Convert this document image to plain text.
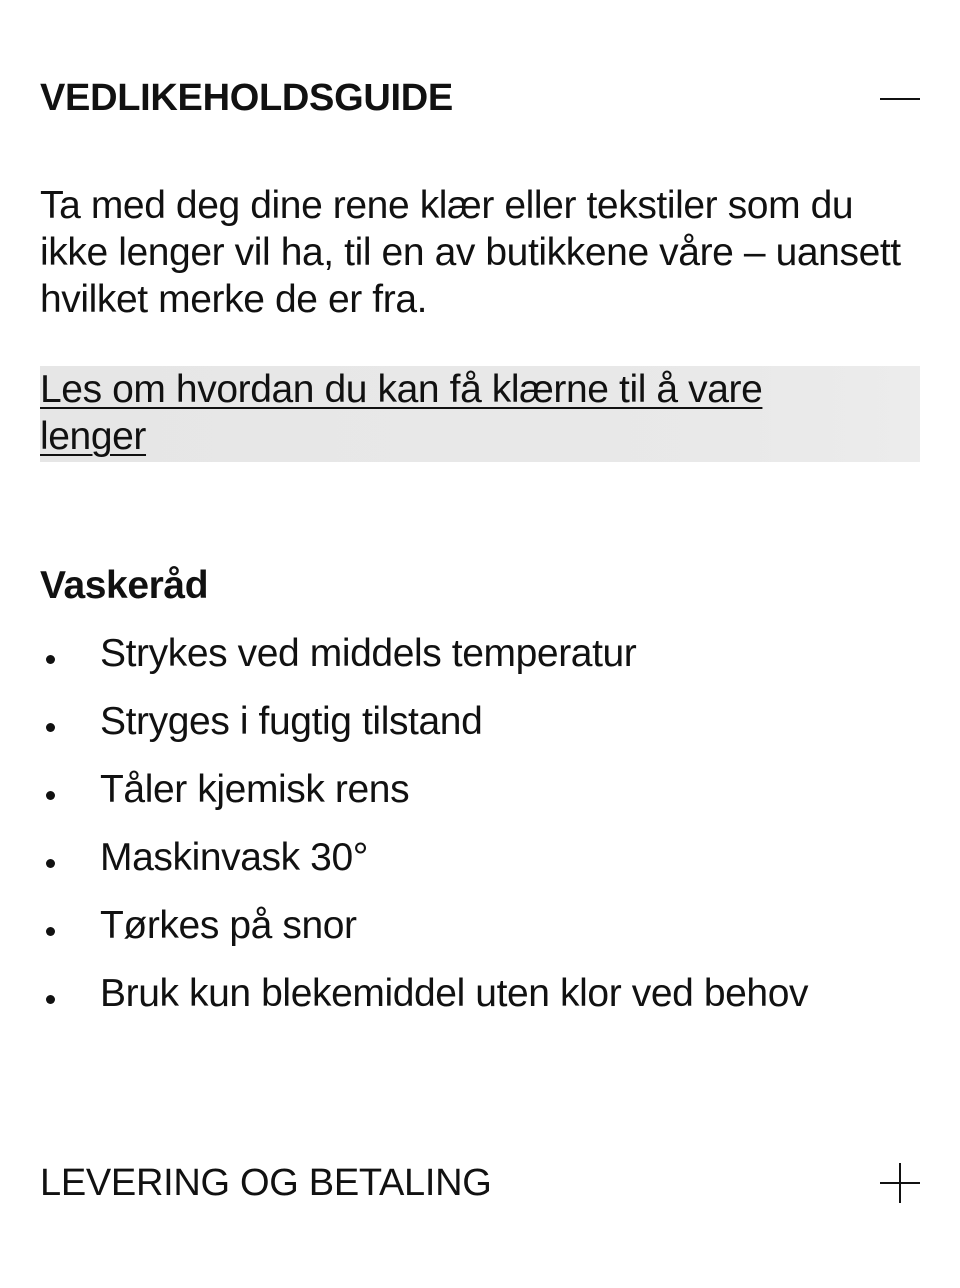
VEDLIKEHOLDSGUIDE

Ta med deg dine rene klær eller tekstiler som du ikke lenger vil ha, til en av butikkene våre – uansett hvilket merke de er fra.

Les om hvordan du kan få klærne til å vare lenger
Vaskeråd
Strykes ved middels temperatur
Stryges i fugtig tilstand
Tåler kjemisk rens
Maskinvask 30°
Tørkes på snor
Bruk kun blekemiddel uten klor ved behov
LEVERING OG BETALING
